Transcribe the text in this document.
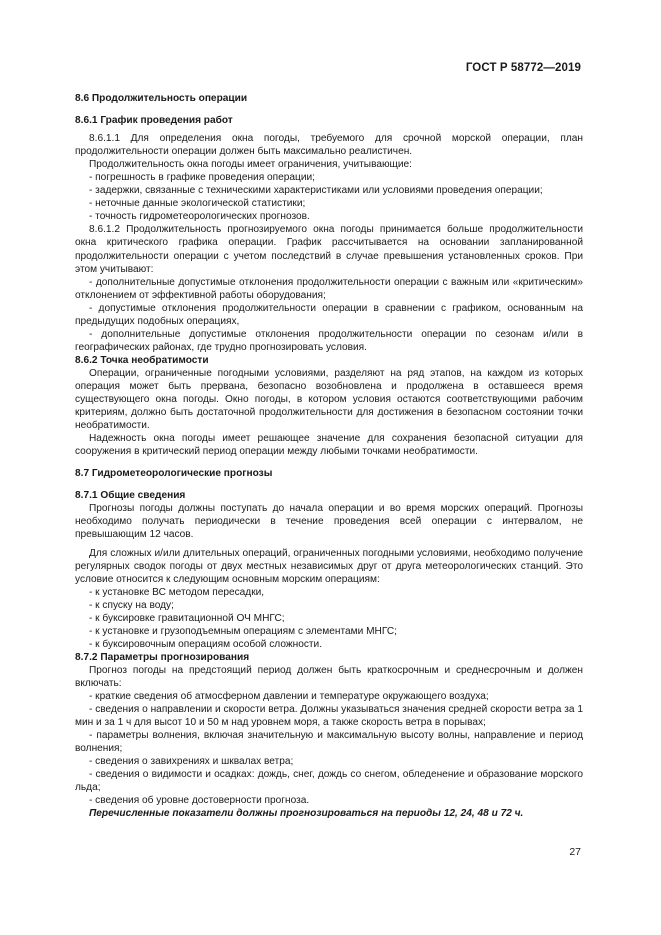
ГОСТ Р 58772—2019

8.6 Продолжительность операции

8.6.1 График проведения работ

8.6.1.1 Для определения окна погоды, требуемого для срочной морской операции, план продолжительности операции должен быть максимально реалистичен.

Продолжительность окна погоды имеет ограничения, учитывающие:

- погрешность в графике проведения операции;

- задержки, связанные с техническими характеристиками или условиями проведения операции;

- неточные данные экологической статистики;

- точность гидрометеорологических прогнозов.

8.6.1.2 Продолжительность прогнозируемого окна погоды принимается больше продолжительности окна критического графика операции. График рассчитывается на основании запланированной продолжительности операции с учетом последствий в случае превышения установленных сроков. При этом учитывают:

- дополнительные допустимые отклонения продолжительности операции с важным или «критическим» отклонением от эффективной работы оборудования;

- допустимые отклонения продолжительности операции в сравнении с графиком, основанным на предыдущих подобных операциях,

- дополнительные допустимые отклонения продолжительности операции по сезонам и/или в географических районах, где трудно прогнозировать условия.

8.6.2 Точка необратимости

Операции, ограниченные погодными условиями, разделяют на ряд этапов, на каждом из которых операция может быть прервана, безопасно возобновлена и продолжена в оставшееся время существующего окна погоды. Окно погоды, в котором условия остаются соответствующими рабочим критериям, должно быть достаточной продолжительности для достижения в безопасном состоянии точки необратимости.

Надежность окна погоды имеет решающее значение для сохранения безопасной ситуации для сооружения в критический период операции между любыми точками необратимости.

8.7 Гидрометеорологические прогнозы

8.7.1 Общие сведения

Прогнозы погоды должны поступать до начала операции и во время морских операций. Прогнозы необходимо получать периодически в течение проведения всей операции с интервалом, не превышающим 12 часов.

Для сложных и/или длительных операций, ограниченных погодными условиями, необходимо получение регулярных сводок погоды от двух местных независимых друг от друга метеорологических станций. Это условие относится к следующим основным морским операциям:

- к установке ВС методом пересадки,

- к спуску на воду;

- к буксировке гравитационной ОЧ МНГС;

- к установке и грузоподъемным операциям с элементами МНГС;

- к буксировочным операциям особой сложности.

8.7.2 Параметры прогнозирования

Прогноз погоды на предстоящий период должен быть краткосрочным и среднесрочным и должен включать:

- краткие сведения об атмосферном давлении и температуре окружающего воздуха;

- сведения о направлении и скорости ветра. Должны указываться значения средней скорости ветра за 1 мин и за 1 ч для высот 10 и 50 м над уровнем моря, а также скорость ветра в порывах;

- параметры волнения, включая значительную и максимальную высоту волны, направление и период волнения;

- сведения о завихрениях и шквалах ветра;

- сведения о видимости и осадках: дождь, снег, дождь со снегом, обледенение и образование морского льда;

- сведения об уровне достоверности прогноза.

Перечисленные показатели должны прогнозироваться на периоды 12, 24, 48 и 72 ч.

27
